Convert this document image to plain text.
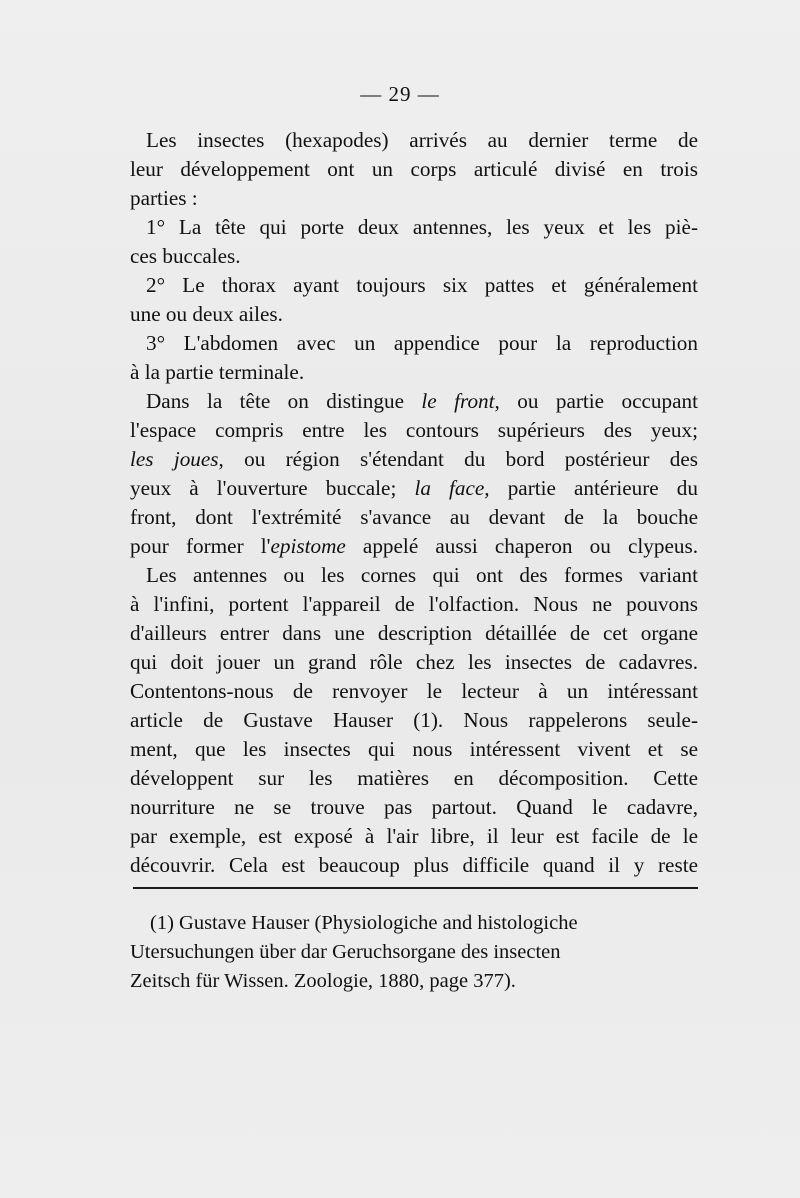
— 29 —
Les insectes (hexapodes) arrivés au dernier terme de
leur développement ont un corps articulé divisé en trois
parties :
1° La tête qui porte deux antennes, les yeux et les piè-
ces buccales.
2° Le thorax ayant toujours six pattes et généralement
une ou deux ailes.
3° L'abdomen avec un appendice pour la reproduction
à la partie terminale.
Dans la tête on distingue le front, ou partie occupant
l'espace compris entre les contours supérieurs des yeux;
les joues, ou région s'étendant du bord postérieur des
yeux à l'ouverture buccale; la face, partie antérieure du
front, dont l'extrémité s'avance au devant de la bouche
pour former l'epistome appelé aussi chaperon ou clypeus.
Les antennes ou les cornes qui ont des formes variant
à l'infini, portent l'appareil de l'olfaction. Nous ne pouvons
d'ailleurs entrer dans une description détaillée de cet organe
qui doit jouer un grand rôle chez les insectes de cadavres.
Contentons-nous de renvoyer le lecteur à un intéressant
article de Gustave Hauser (1). Nous rappelerons seule-
ment, que les insectes qui nous intéressent vivent et se
développent sur les matières en décomposition. Cette
nourriture ne se trouve pas partout. Quand le cadavre,
par exemple, est exposé à l'air libre, il leur est facile de le
découvrir. Cela est beaucoup plus difficile quand il y reste
(1) Gustave Hauser (Physiologiche and histologiche
Utersuchungen über dar Geruchsorgane des insecten
Zeitsch für Wissen. Zoologie, 1880, page 377).
